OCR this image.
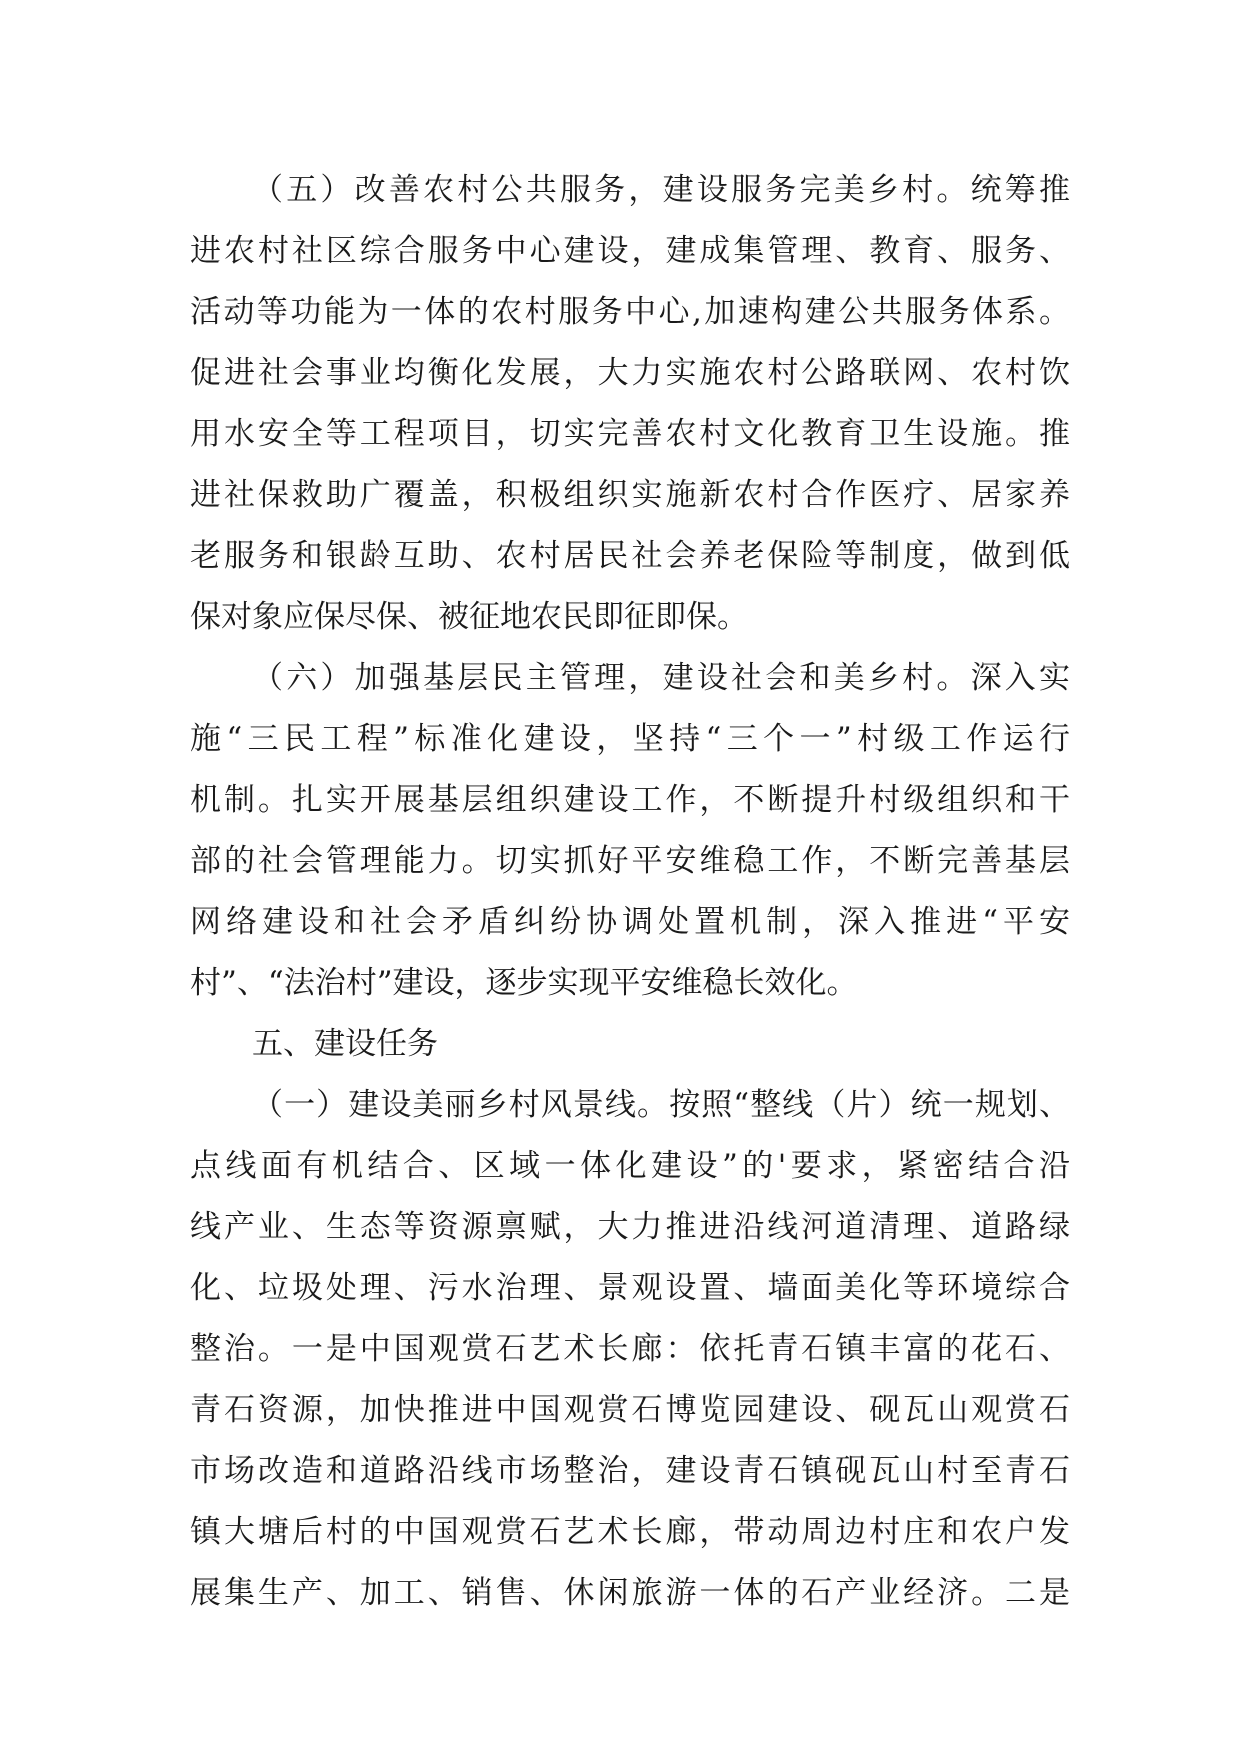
（五）改善农村公共服务，建设服务完美乡村。统筹推
进农村社区综合服务中心建设，建成集管理、教育、服务、
活动等功能为一体的农村服务中心,加速构建公共服务体系。
促进社会事业均衡化发展，大力实施农村公路联网、农村饮
用水安全等工程项目，切实完善农村文化教育卫生设施。推
进社保救助广覆盖，积极组织实施新农村合作医疗、居家养
老服务和银龄互助、农村居民社会养老保险等制度，做到低
保对象应保尽保、被征地农民即征即保。
（六）加强基层民主管理，建设社会和美乡村。深入实
施“三民工程”标准化建设，坚持“三个一”村级工作运行
机制。扎实开展基层组织建设工作，不断提升村级组织和干
部的社会管理能力。切实抓好平安维稳工作，不断完善基层
网络建设和社会矛盾纠纷协调处置机制，深入推进“平安
村”、“法治村”建设，逐步实现平安维稳长效化。
五、建设任务
（一）建设美丽乡村风景线。按照“整线（片）统一规划、
点线面有机结合、区域一体化建设”的'要求，紧密结合沿
线产业、生态等资源禀赋，大力推进沿线河道清理、道路绿
化、垃圾处理、污水治理、景观设置、墙面美化等环境综合
整治。一是中国观赏石艺术长廊：依托青石镇丰富的花石、
青石资源，加快推进中国观赏石博览园建设、砚瓦山观赏石
市场改造和道路沿线市场整治，建设青石镇砚瓦山村至青石
镇大塘后村的中国观赏石艺术长廊，带动周边村庄和农户发
展集生产、加工、销售、休闲旅游一体的石产业经济。二是
